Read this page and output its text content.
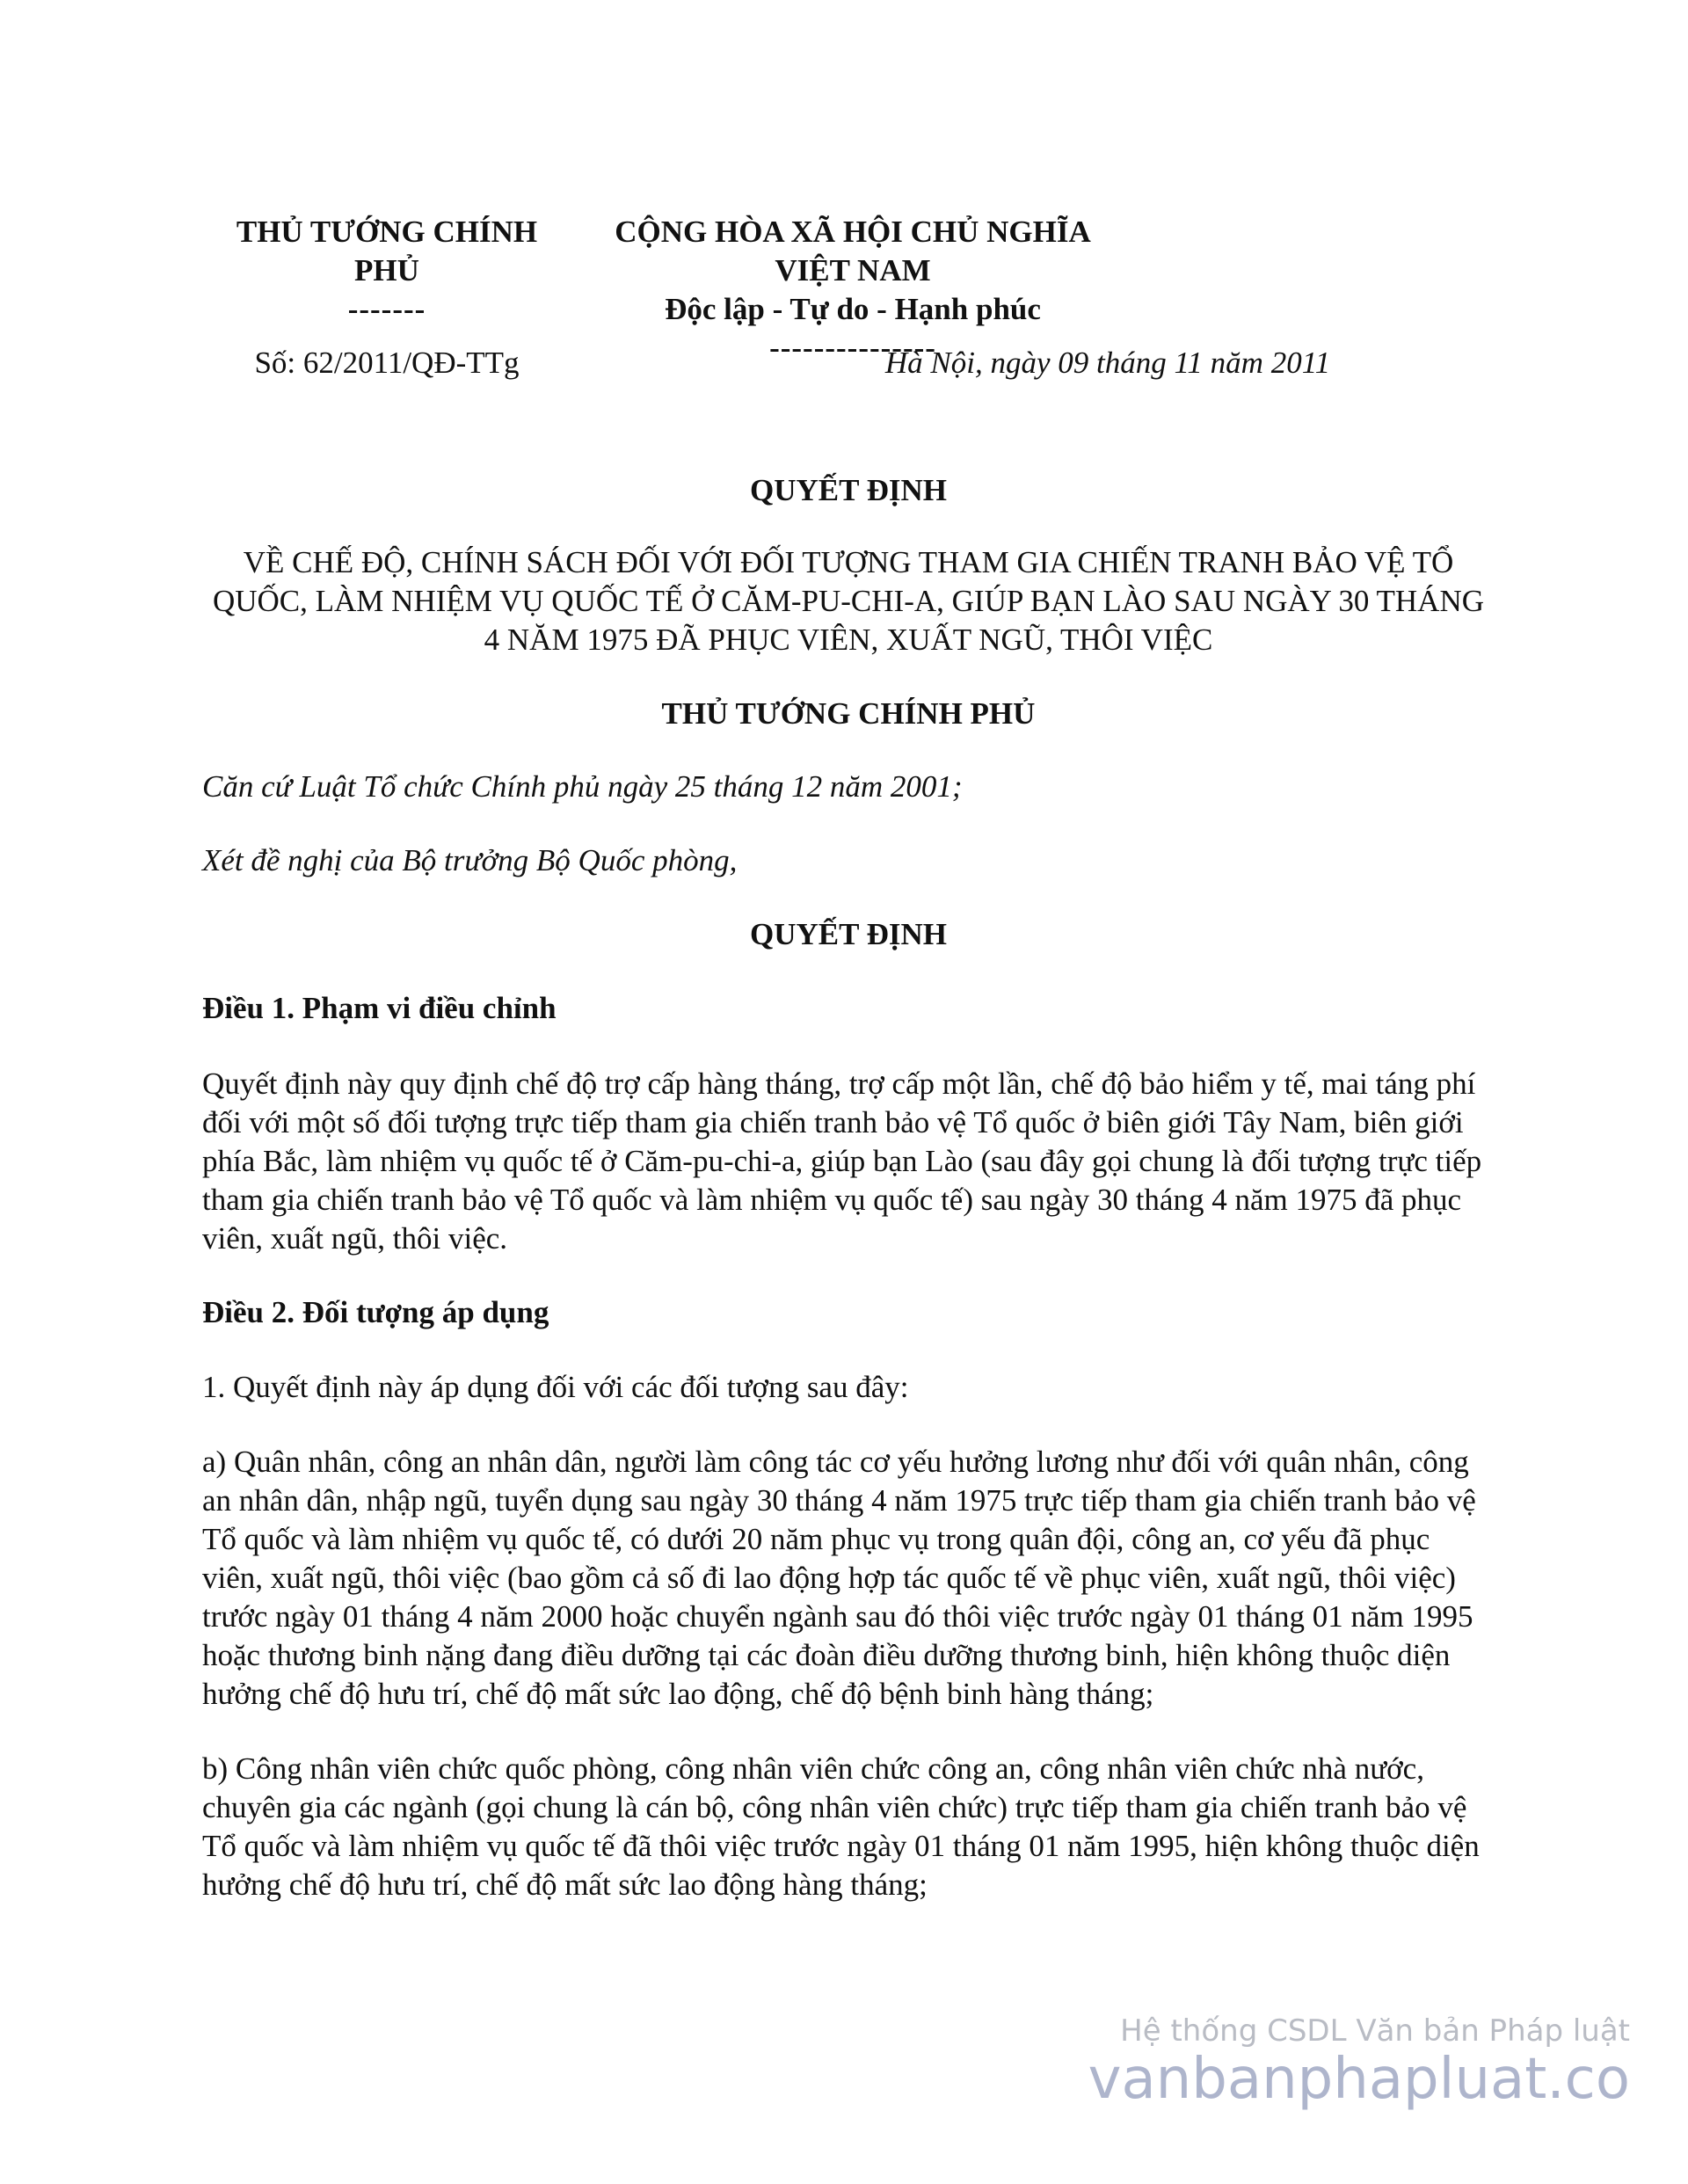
THỦ TƯỚNG CHÍNH
PHỦ
-------
CỘNG HÒA XÃ HỘI CHỦ NGHĨA VIỆT NAM
Độc lập - Tự do - Hạnh phúc
---------------
Số: 62/2011/QĐ-TTg	Hà Nội, ngày 09 tháng 11 năm 2011

QUYẾT ĐỊNH

VỀ CHẾ ĐỘ, CHÍNH SÁCH ĐỐI VỚI ĐỐI TƯỢNG THAM GIA CHIẾN TRANH BẢO VỆ TỔ QUỐC, LÀM NHIỆM VỤ QUỐC TẾ Ở CĂM-PU-CHI-A, GIÚP BẠN LÀO SAU NGÀY 30 THÁNG 4 NĂM 1975 ĐÃ PHỤC VIÊN, XUẤT NGŨ, THÔI VIỆC

THỦ TƯỚNG CHÍNH PHỦ

Căn cứ Luật Tổ chức Chính phủ ngày 25 tháng 12 năm 2001;

Xét đề nghị của Bộ trưởng Bộ Quốc phòng,

QUYẾT ĐỊNH

Điều 1. Phạm vi điều chỉnh

Quyết định này quy định chế độ trợ cấp hàng tháng, trợ cấp một lần, chế độ bảo hiểm y tế, mai táng phí đối với một số đối tượng trực tiếp tham gia chiến tranh bảo vệ Tổ quốc ở biên giới Tây Nam, biên giới phía Bắc, làm nhiệm vụ quốc tế ở Căm-pu-chi-a, giúp bạn Lào (sau đây gọi chung là đối tượng trực tiếp tham gia chiến tranh bảo vệ Tổ quốc và làm nhiệm vụ quốc tế) sau ngày 30 tháng 4 năm 1975 đã phục viên, xuất ngũ, thôi việc.

Điều 2. Đối tượng áp dụng

1. Quyết định này áp dụng đối với các đối tượng sau đây:

a) Quân nhân, công an nhân dân, người làm công tác cơ yếu hưởng lương như đối với quân nhân, công an nhân dân, nhập ngũ, tuyển dụng sau ngày 30 tháng 4 năm 1975 trực tiếp tham gia chiến tranh bảo vệ Tổ quốc và làm nhiệm vụ quốc tế, có dưới 20 năm phục vụ trong quân đội, công an, cơ yếu đã phục viên, xuất ngũ, thôi việc (bao gồm cả số đi lao động hợp tác quốc tế về phục viên, xuất ngũ, thôi việc) trước ngày 01 tháng 4 năm 2000 hoặc chuyển ngành sau đó thôi việc trước ngày 01 tháng 01 năm 1995 hoặc thương binh nặng đang điều dưỡng tại các đoàn điều dưỡng thương binh, hiện không thuộc diện hưởng chế độ hưu trí, chế độ mất sức lao động, chế độ bệnh binh hàng tháng;

b) Công nhân viên chức quốc phòng, công nhân viên chức công an, công nhân viên chức nhà nước, chuyên gia các ngành (gọi chung là cán bộ, công nhân viên chức) trực tiếp tham gia chiến tranh bảo vệ Tổ quốc và làm nhiệm vụ quốc tế đã thôi việc trước ngày 01 tháng 01 năm 1995, hiện không thuộc diện hưởng chế độ hưu trí, chế độ mất sức lao động hàng tháng;

Hệ thống CSDL Văn bản Pháp luật
vanbanphapluat.co
